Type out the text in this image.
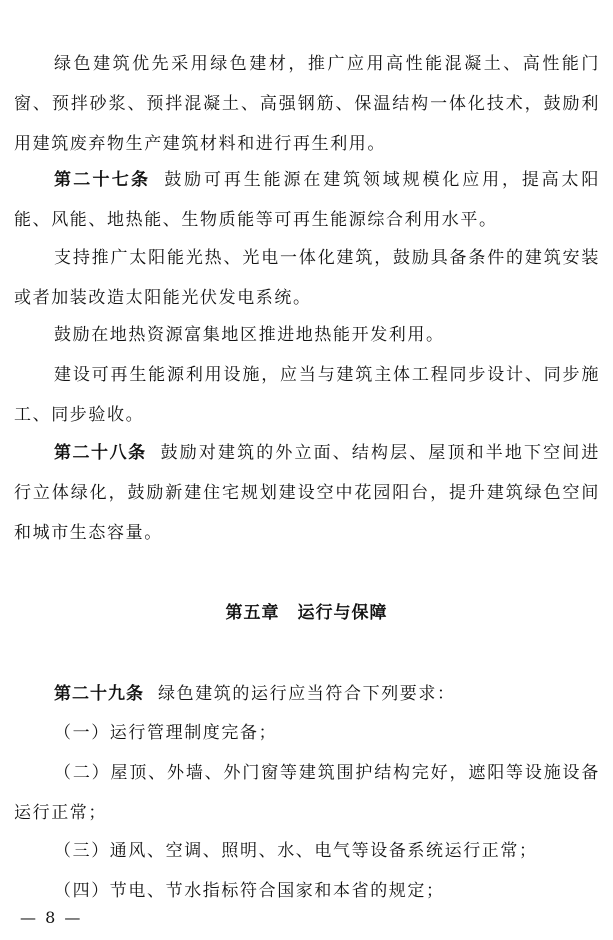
绿色建筑优先采用绿色建材，推广应用高性能混凝土、高性能门窗、预拌砂浆、预拌混凝土、高强钢筋、保温结构一体化技术，鼓励利用建筑废弃物生产建筑材料和进行再生利用。

第二十七条 鼓励可再生能源在建筑领域规模化应用，提高太阳能、风能、地热能、生物质能等可再生能源综合利用水平。

支持推广太阳能光热、光电一体化建筑，鼓励具备条件的建筑安装或者加装改造太阳能光伏发电系统。

鼓励在地热资源富集地区推进地热能开发利用。

建设可再生能源利用设施，应当与建筑主体工程同步设计、同步施工、同步验收。

第二十八条 鼓励对建筑的外立面、结构层、屋顶和半地下空间进行立体绿化，鼓励新建住宅规划建设空中花园阳台，提升建筑绿色空间和城市生态容量。

第五章 运行与保障

第二十九条 绿色建筑的运行应当符合下列要求：

（一）运行管理制度完备；

（二）屋顶、外墙、外门窗等建筑围护结构完好，遮阳等设施设备运行正常；

（三）通风、空调、照明、水、电气等设备系统运行正常；

（四）节电、节水指标符合国家和本省的规定；

— 8 —
